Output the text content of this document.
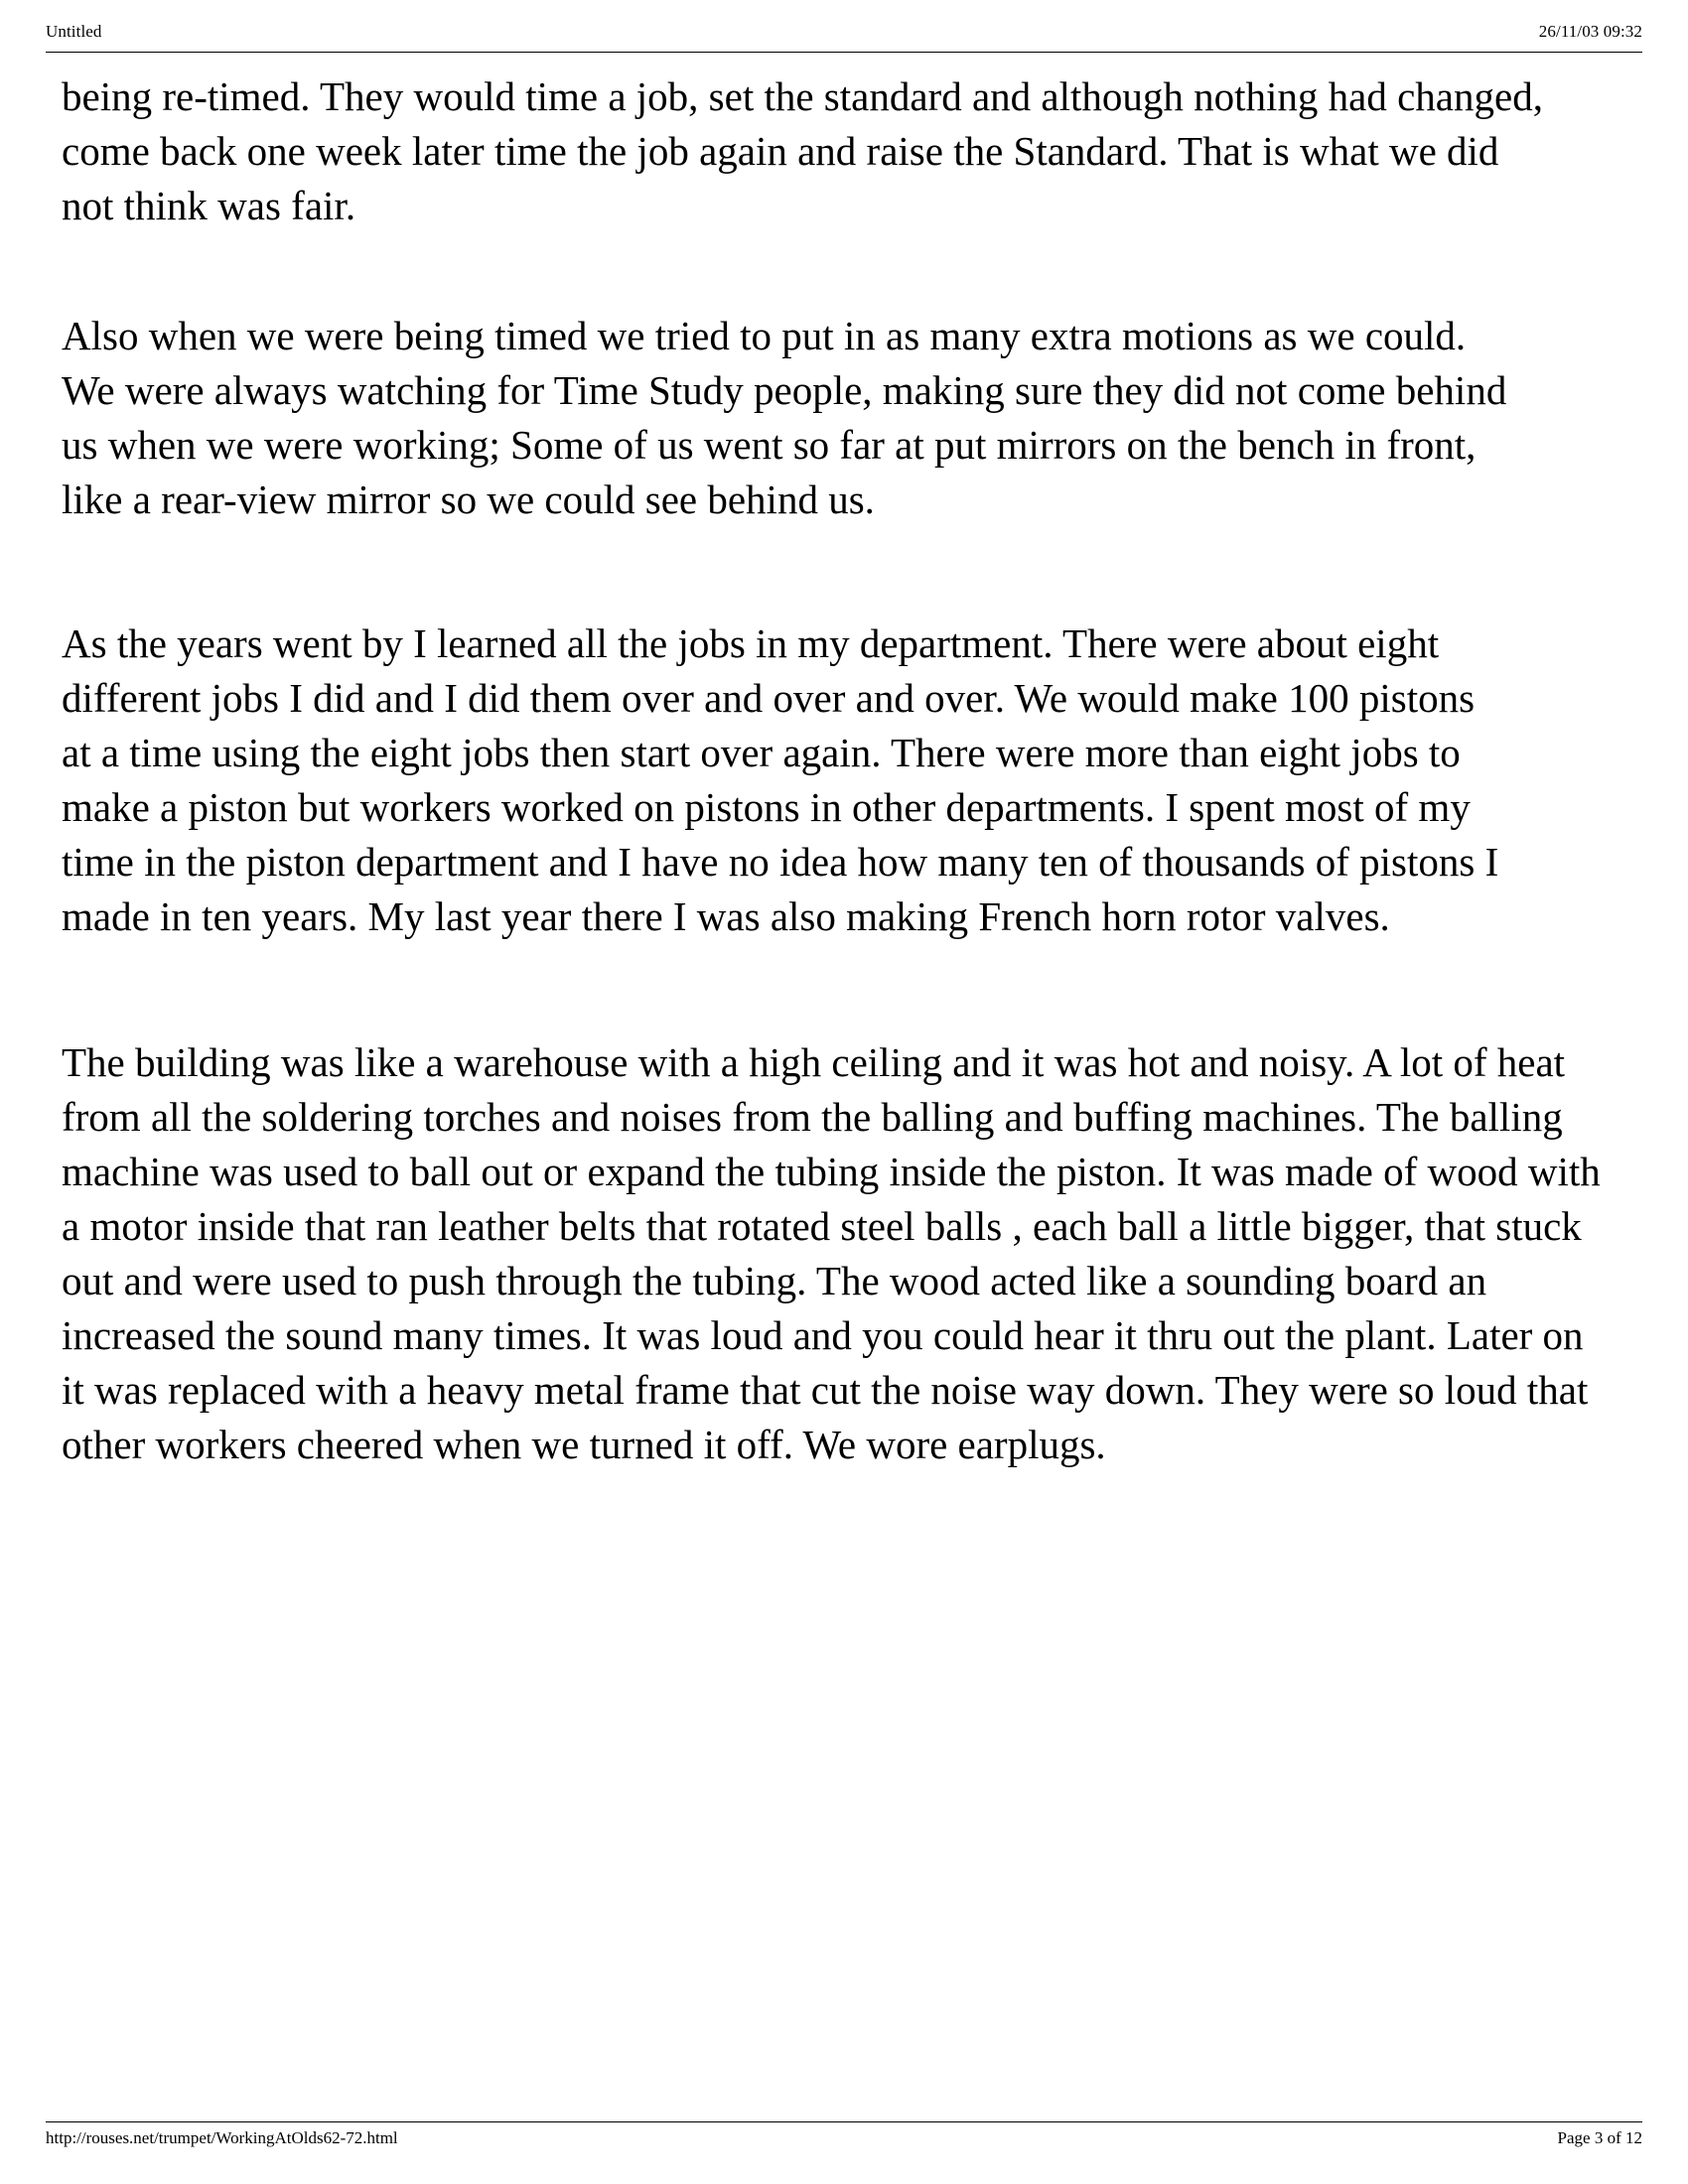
Untitled	26/11/03 09:32

being re-timed. They would time a job, set the standard and although nothing had changed, come back one week later time the job again and raise the Standard. That is what we did not think was fair.

Also when we were being timed we tried to put in as many extra motions as we could. We were always watching for Time Study people, making sure they did not come behind us when we were working; Some of us went so far at put mirrors on the bench in front, like a rear-view mirror so we could see behind us.

As the years went by I learned all the jobs in my department. There were about eight different jobs I did and I did them over and over and over. We would make 100 pistons at a time using the eight jobs then start over again. There were more than eight jobs to make a piston but workers worked on pistons in other departments. I spent most of my time in the piston department and I have no idea how many ten of thousands of pistons I made in ten years. My last year there I was also making French horn rotor valves.

The building was like a warehouse with a high ceiling and it was hot and noisy. A lot of heat from all the soldering torches and noises from the balling and buffing machines. The balling machine was used to ball out or expand the tubing inside the piston. It was made of wood with a motor inside that ran leather belts that rotated steel balls , each ball a little bigger, that stuck out and were used to push through the tubing. The wood acted like a sounding board an increased the sound many times. It was loud and you could hear it thru out the plant. Later on it was replaced with a heavy metal frame that cut the noise way down. They were so loud that other workers cheered when we turned it off. We wore earplugs.

http://rouses.net/trumpet/WorkingAtOlds62-72.html	Page 3 of 12
